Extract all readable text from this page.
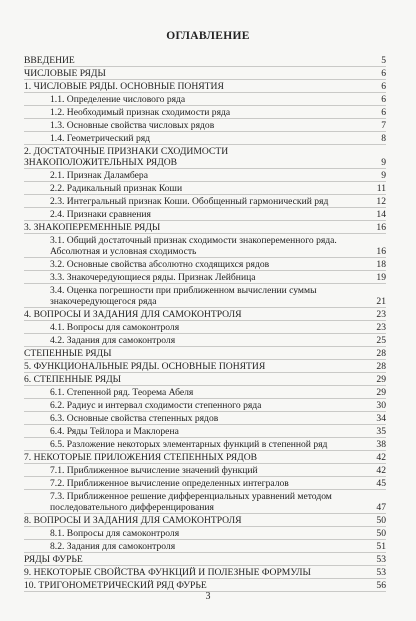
ОГЛАВЛЕНИЕ
ВВЕДЕНИЕ	5
ЧИСЛОВЫЕ РЯДЫ	6
1. ЧИСЛОВЫЕ РЯДЫ. ОСНОВНЫЕ ПОНЯТИЯ	6
1.1. Определение числового ряда	6
1.2. Необходимый признак сходимости ряда	6
1.3. Основные свойства числовых рядов	7
1.4. Геометрический ряд	8
2. ДОСТАТОЧНЫЕ ПРИЗНАКИ СХОДИМОСТИ
ЗНАКОПОЛОЖИТЕЛЬНЫХ РЯДОВ	9
2.1. Признак Даламбера	9
2.2. Радикальный признак Коши	11
2.3. Интегральный признак Коши. Обобщенный гармонический ряд	12
2.4. Признаки сравнения	14
3. ЗНАКОПЕРЕМЕННЫЕ РЯДЫ	16
3.1. Общий достаточный признак сходимости знакопеременного ряда.
Абсолютная и условная сходимость	16
3.2. Основные свойства абсолютно сходящихся рядов	18
3.3. Знакочередующиеся ряды. Признак Лейбница	19
3.4. Оценка погрешности при приближенном вычислении суммы
знакочередующегося ряда	21
4. ВОПРОСЫ И ЗАДАНИЯ ДЛЯ САМОКОНТРОЛЯ	23
4.1. Вопросы для самоконтроля	23
4.2. Задания для самоконтроля	25
СТЕПЕННЫЕ РЯДЫ	28
5. ФУНКЦИОНАЛЬНЫЕ РЯДЫ. ОСНОВНЫЕ ПОНЯТИЯ	28
6. СТЕПЕННЫЕ РЯДЫ	29
6.1. Степенной ряд. Теорема Абеля	29
6.2. Радиус и интервал сходимости степенного ряда	30
6.3. Основные свойства степенных рядов	34
6.4. Ряды Тейлора и Маклорена	35
6.5. Разложение некоторых элементарных функций в степенной ряд	38
7. НЕКОТОРЫЕ ПРИЛОЖЕНИЯ СТЕПЕННЫХ РЯДОВ	42
7.1. Приближенное вычисление значений функций	42
7.2. Приближенное вычисление определенных интегралов	45
7.3. Приближенное решение дифференциальных уравнений методом
последовательного дифференцирования	47
8. ВОПРОСЫ И ЗАДАНИЯ ДЛЯ САМОКОНТРОЛЯ	50
8.1. Вопросы для самоконтроля	50
8.2. Задания для самоконтроля	51
РЯДЫ ФУРЬЕ	53
9. НЕКОТОРЫЕ СВОЙСТВА ФУНКЦИЙ И ПОЛЕЗНЫЕ ФОРМУЛЫ	53
10. ТРИГОНОМЕТРИЧЕСКИЙ РЯД ФУРЬЕ	56
3
